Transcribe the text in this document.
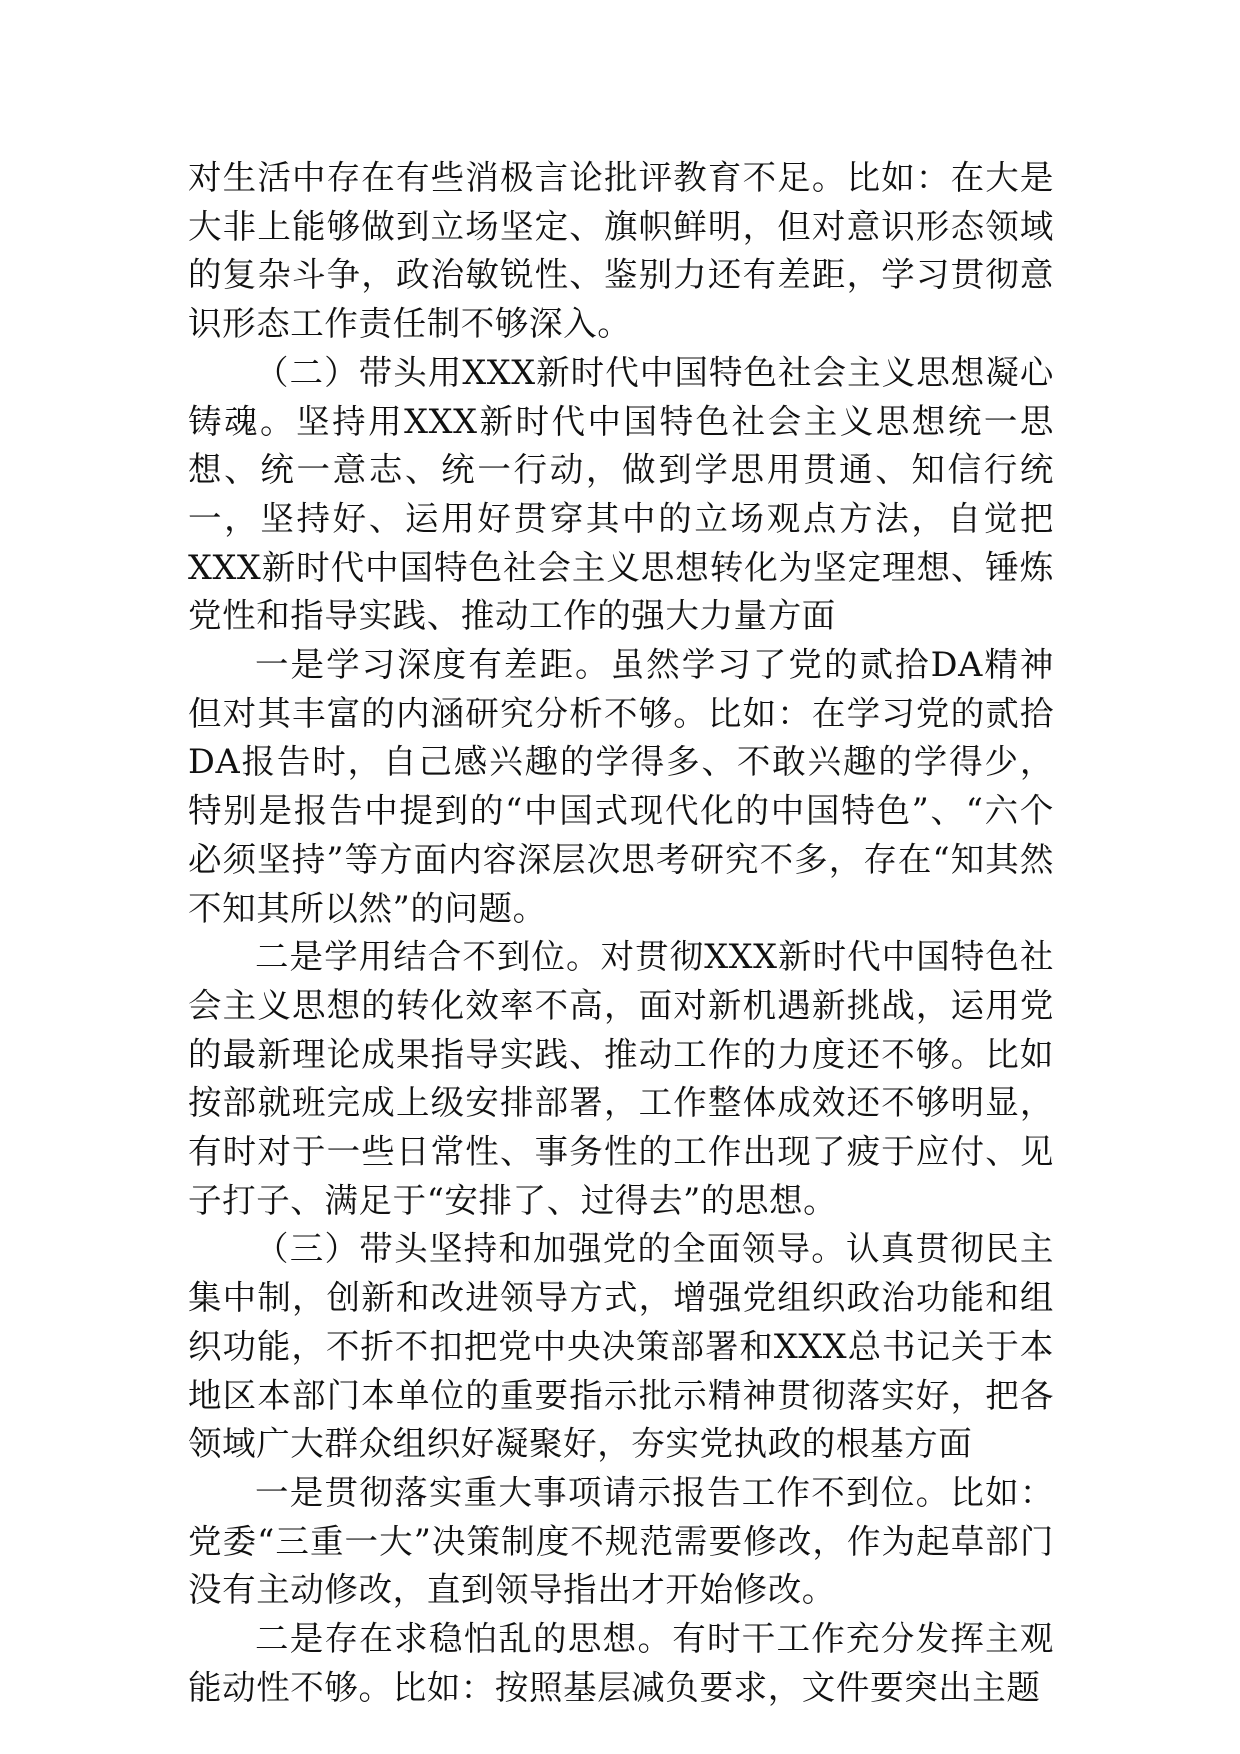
对生活中存在有些消极言论批评教育不足。比如：在大是大非上能够做到立场坚定、旗帜鲜明，但对意识形态领域的复杂斗争，政治敏锐性、鉴别力还有差距，学习贯彻意识形态工作责任制不够深入。

（二）带头用XXX新时代中国特色社会主义思想凝心铸魂。坚持用XXX新时代中国特色社会主义思想统一思想、统一意志、统一行动，做到学思用贯通、知信行统一，坚持好、运用好贯穿其中的立场观点方法，自觉把XXX新时代中国特色社会主义思想转化为坚定理想、锤炼党性和指导实践、推动工作的强大力量方面

一是学习深度有差距。虽然学习了党的贰拾DA精神但对其丰富的内涵研究分析不够。比如：在学习党的贰拾DA报告时，自己感兴趣的学得多、不敢兴趣的学得少，特别是报告中提到的“中国式现代化的中国特色”、“六个必须坚持”等方面内容深层次思考研究不多，存在“知其然不知其所以然”的问题。

二是学用结合不到位。对贯彻XXX新时代中国特色社会主义思想的转化效率不高，面对新机遇新挑战，运用党的最新理论成果指导实践、推动工作的力度还不够。比如按部就班完成上级安排部署，工作整体成效还不够明显，有时对于一些日常性、事务性的工作出现了疲于应付、见子打子、满足于“安排了、过得去”的思想。

（三）带头坚持和加强党的全面领导。认真贯彻民主集中制，创新和改进领导方式，增强党组织政治功能和组织功能，不折不扣把党中央决策部署和XXX总书记关于本地区本部门本单位的重要指示批示精神贯彻落实好，把各领域广大群众组织好凝聚好，夯实党执政的根基方面

一是贯彻落实重大事项请示报告工作不到位。比如：党委“三重一大”决策制度不规范需要修改，作为起草部门没有主动修改，直到领导指出才开始修改。

二是存在求稳怕乱的思想。有时干工作充分发挥主观能动性不够。比如：按照基层减负要求，文件要突出主题
